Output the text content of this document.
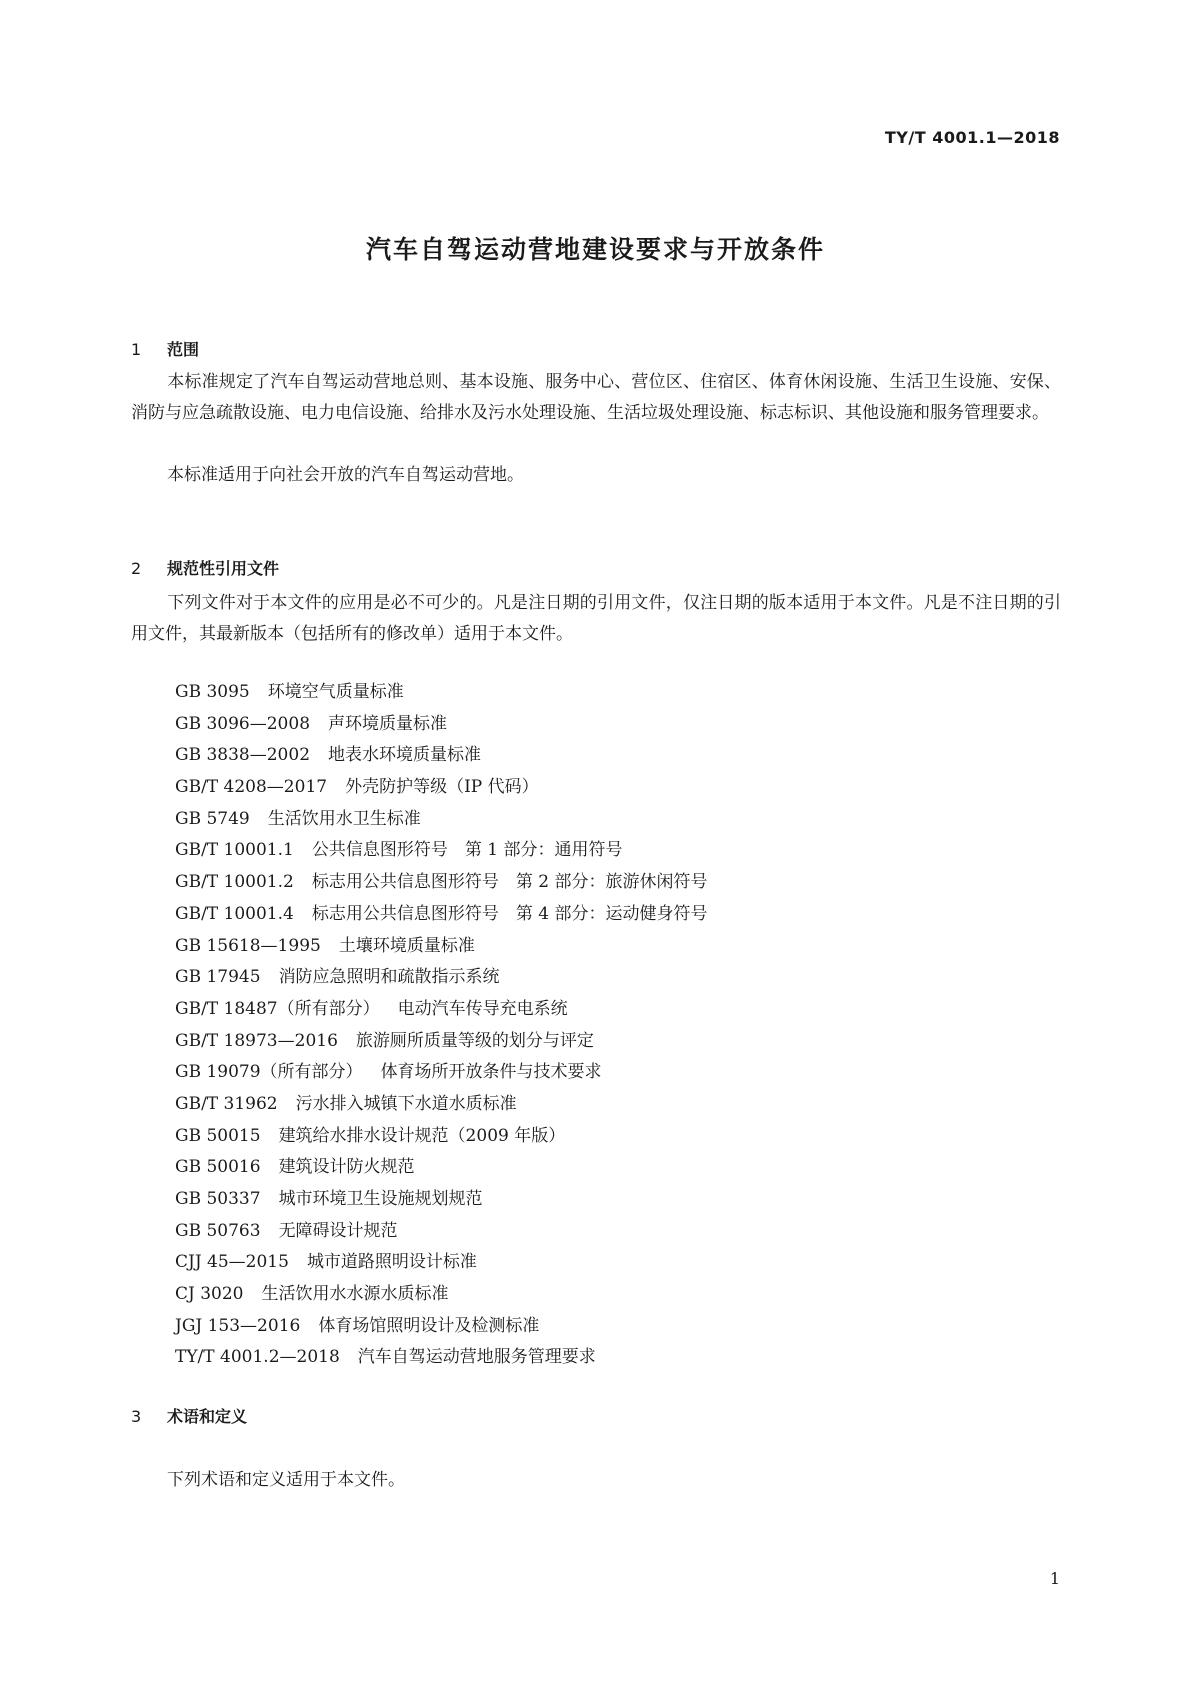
TY/T 4001.1—2018
汽车自驾运动营地建设要求与开放条件
1 范围

本标准规定了汽车自驾运动营地总则、基本设施、服务中心、营位区、住宿区、体育休闲设施、生活卫生设施、安保、消防与应急疏散设施、电力电信设施、给排水及污水处理设施、生活垃圾处理设施、标志标识、其他设施和服务管理要求。

本标准适用于向社会开放的汽车自驾运动营地。

2 规范性引用文件

下列文件对于本文件的应用是必不可少的。凡是注日期的引用文件，仅注日期的版本适用于本文件。凡是不注日期的引用文件，其最新版本（包括所有的修改单）适用于本文件。

GB 3095 环境空气质量标准
GB 3096—2008 声环境质量标准
GB 3838—2002 地表水环境质量标准
GB/T 4208—2017 外壳防护等级（IP 代码）
GB 5749 生活饮用水卫生标准
GB/T 10001.1 公共信息图形符号　第 1 部分：通用符号
GB/T 10001.2 标志用公共信息图形符号　第 2 部分：旅游休闲符号
GB/T 10001.4 标志用公共信息图形符号　第 4 部分：运动健身符号
GB 15618—1995 土壤环境质量标准
GB 17945 消防应急照明和疏散指示系统
GB/T 18487（所有部分） 电动汽车传导充电系统
GB/T 18973—2016 旅游厕所质量等级的划分与评定
GB 19079（所有部分） 体育场所开放条件与技术要求
GB/T 31962 污水排入城镇下水道水质标准
GB 50015 建筑给水排水设计规范（2009 年版）
GB 50016 建筑设计防火规范
GB 50337 城市环境卫生设施规划规范
GB 50763 无障碍设计规范
CJJ 45—2015 城市道路照明设计标准
CJ 3020 生活饮用水水源水质标准
JGJ 153—2016 体育场馆照明设计及检测标准
TY/T 4001.2—2018 汽车自驾运动营地服务管理要求
3 术语和定义

下列术语和定义适用于本文件。

1
